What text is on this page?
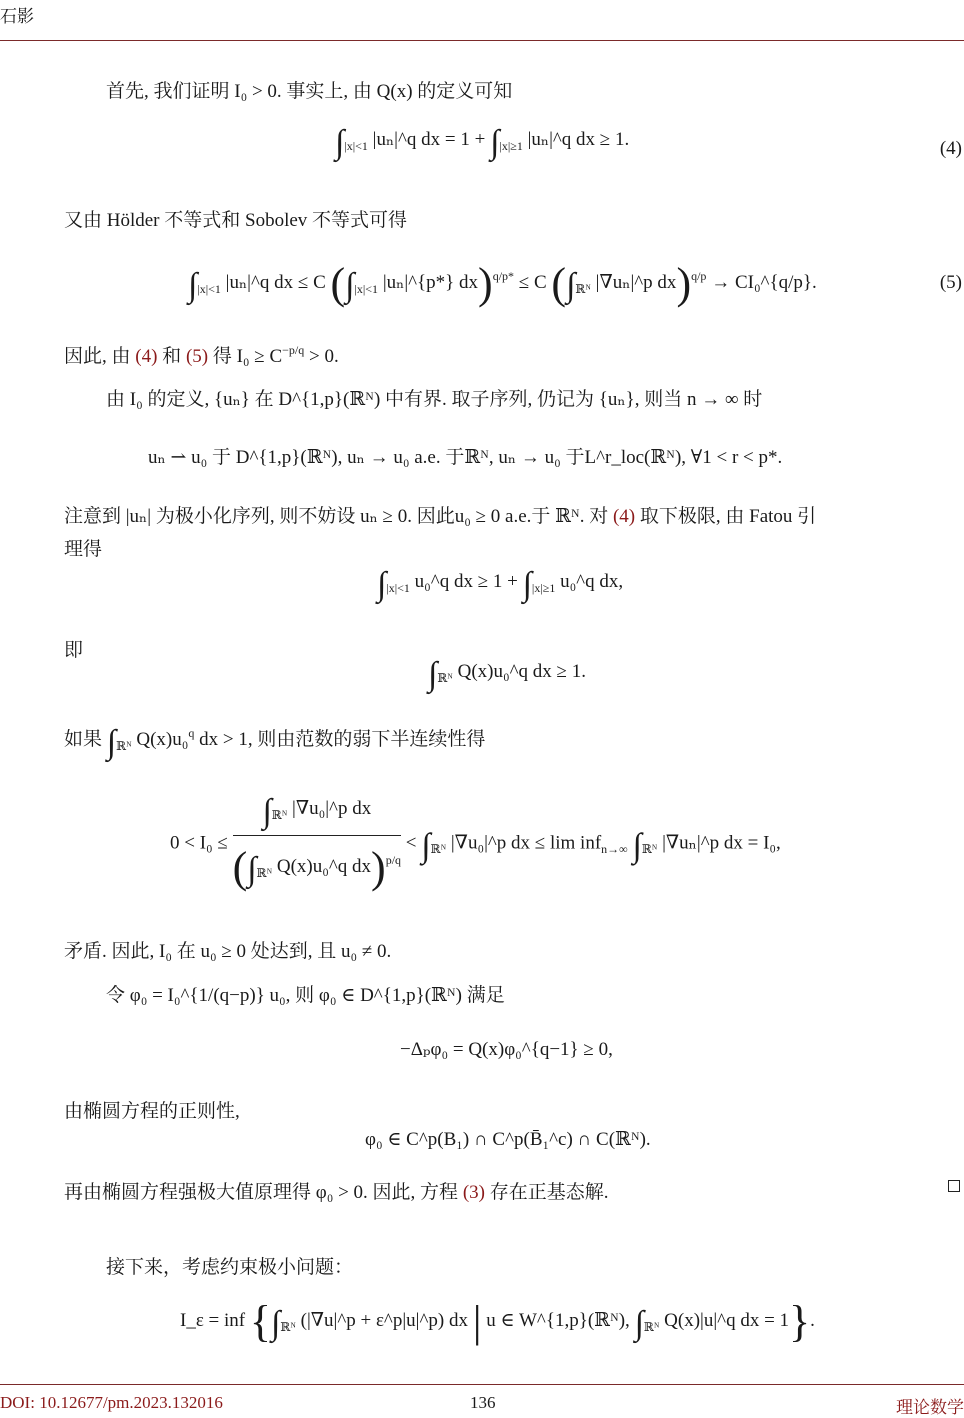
石影
首先, 我们证明 I₀ > 0. 事实上, 由 Q(x) 的定义可知
$\int_{|x|<1}$ |uₙ|^q dx = $1 + \int_{|x|\ge 1}$ |uₙ|^q dx ≥ 1.	(4)
又由 Hölder 不等式和 Sobolev 不等式可得
$\int_{|x|<1}$ |uₙ|^q dx ≤ C ($\int_{|x|<1}$ |uₙ|^{p*} dx)$^{q/p*}$ ≤ C ($\int_{ℝᴺ}$ |∇uₙ|^p dx)$^{q/p}$ → CI₀^{q/p}.	(5)
因此, 由 (4) 和 (5) 得 $I_0 \ge C^{-p/q} > 0$.
由 I₀ 的定义, {uₙ} 在 D^{1,p}(ℝᴺ) 中有界. 取子序列, 仍记为 {uₙ}, 则当 n → ∞ 时
uₙ ⇀ u₀ 于 D^{1,p}(ℝᴺ), uₙ → u₀ a.e. 于ℝᴺ, uₙ → u₀ 于L^r_loc(ℝᴺ), ∀1 < r < p*.
注意到 |uₙ| 为极小化序列, 则不妨设 uₙ ≥ 0. 因此u₀ ≥ 0 a.e.于 ℝᴺ. 对 (4) 取下极限, 由 Fatou 引
理得
$\int_{|x|<1}$ u₀^q dx ≥ $1 + \int_{|x|\ge 1}$ u₀^q dx,
即
$\int_{ℝᴺ}$ Q(x)u₀^q dx ≥ 1.
如果 $\int_{ℝᴺ}$ Q(x)u₀$^q$ dx > 1, 则由范数的弱下半连续性得
$0 < I_0 \le \frac{\int_{ℝᴺ} |\nabla u_0|\^{}p dx}{(\int_{ℝᴺ} Q(x)u_0\^{}q dx)^{p/q}} < \int_{ℝᴺ}$ |∇u₀|^p dx ≤ lim inf$_{n\to\infty}$ $\int_{ℝᴺ}$ |∇uₙ|^p dx = I₀,
矛盾. 因此, I₀ 在 u₀ ≥ 0 处达到, 且 u₀ ≠ 0.
令 φ₀ = I₀^{1/(q−p)} u₀, 则 φ₀ ∈ D^{1,p}(ℝᴺ) 满足
−Δₚφ₀ = Q(x)φ₀^{q−1} ≥ 0,
由椭圆方程的正则性,
φ₀ ∈ C^p(B₁) ∩ C^p(B̄₁^c) ∩ C(ℝᴺ).
再由椭圆方程强极大值原理得 φ₀ > 0. 因此, 方程 (3) 存在正基态解.
接下来，考虑约束极小问题：
I_ε = inf {$\int_{ℝᴺ}$ (|∇u|^p + ε^p|u|^p) dx | u ∈ W^{1,p}(ℝᴺ), $\int_{ℝᴺ}$ Q(x)|u|^q dx = 1}.
DOI: 10.12677/pm.2023.132016	136	理论数学
